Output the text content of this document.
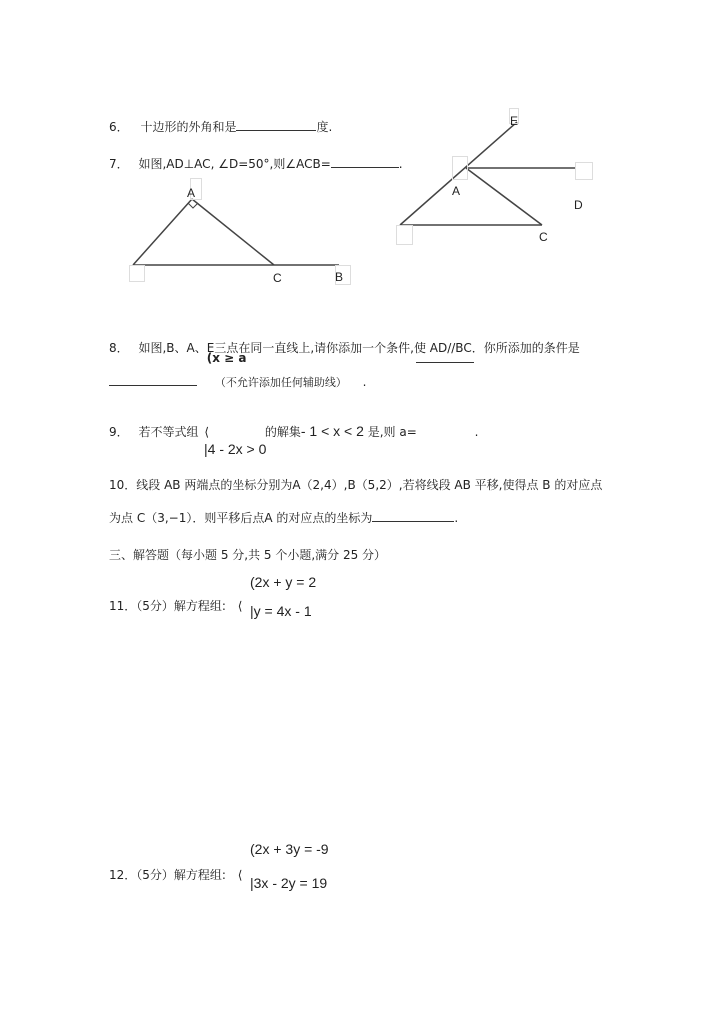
6． 十边形的外角和是	度.
7． 如图,AD⊥AC, ∠D=50°,则∠ACB=	.
A
C	B
E
A
D
C
8． 如图,B、A、
(x ≥ a
E三点在同一直线上,请你添加一个条件,使 AD//BC．你所添加的条件是
（不允许添加任何辅助线） .
9． 若不等式组 ⟨	的解集- 1 < x < 2 是,则 a=	.
|4 - 2x > 0
10．线段 AB 两端点的坐标分别为A（2,4）,B（5,2）,若将线段 AB 平移,使得点 B 的对应点
为点 C（3,−1）．则平移后点A 的对应点的坐标为	.
三、解答题（每小题 5 分,共 5 个小题,满分 25 分）
(2x + y = 2
11．（5分）解方程组: ⟨ |y = 4x - 1
(2x + 3y = -9
12．（5分）解方程组: ⟨ |3x - 2y = 19
